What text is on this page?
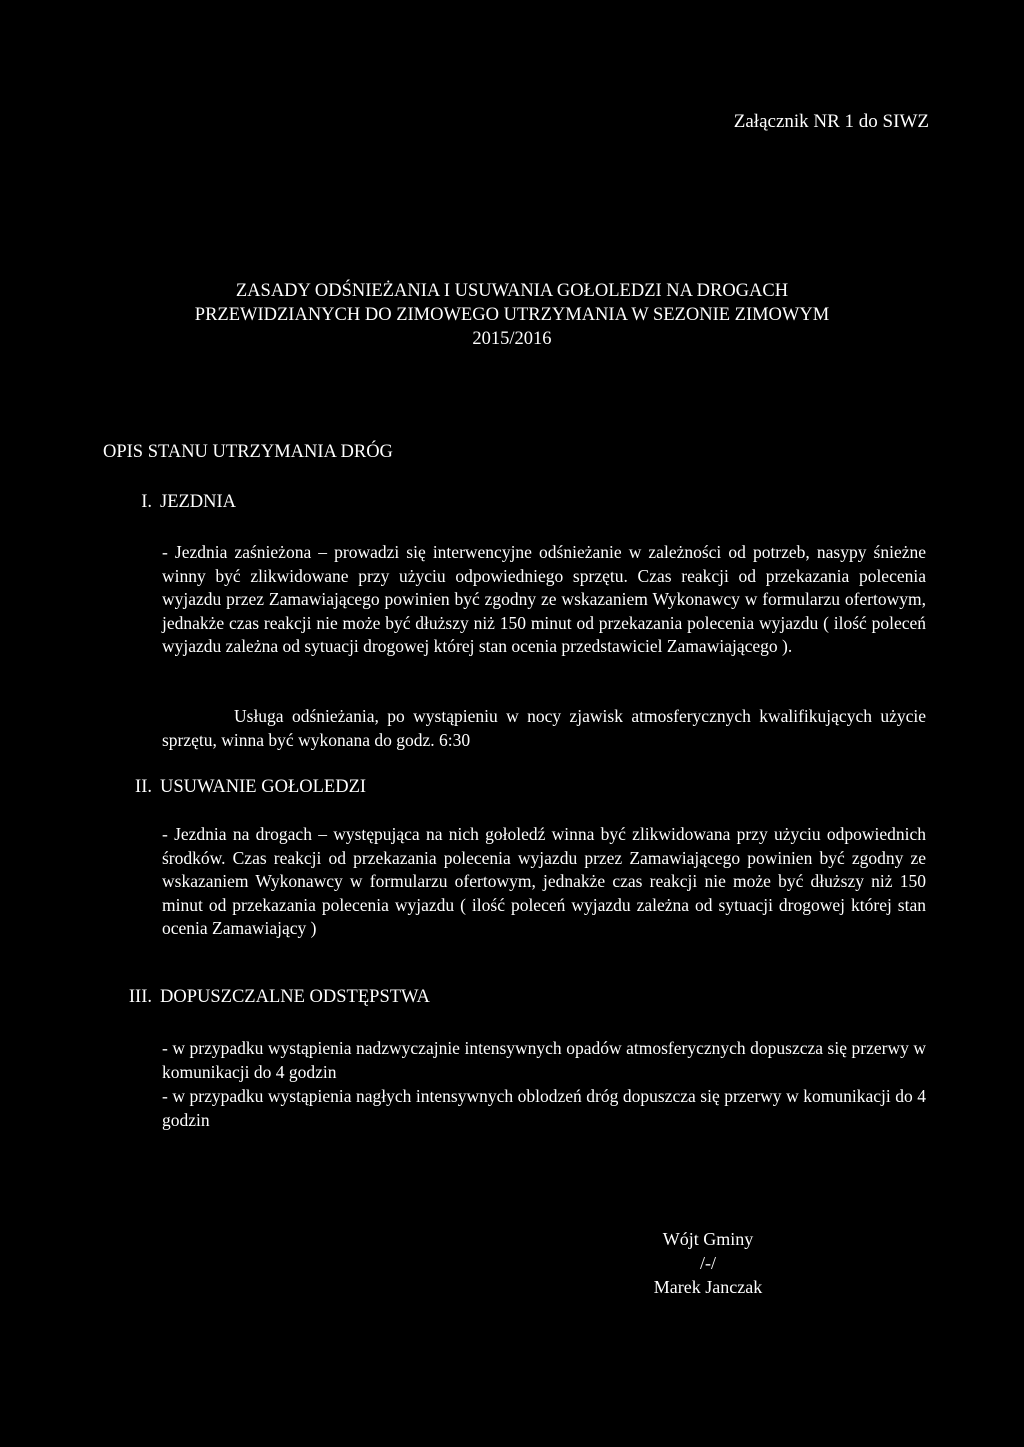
Załącznik NR 1 do SIWZ
ZASADY ODŚNIEŻANIA I USUWANIA GOŁOLEDZI NA DROGACH
PRZEWIDZIANYCH DO ZIMOWEGO UTRZYMANIA W SEZONIE ZIMOWYM
2015/2016
OPIS STANU UTRZYMANIA DRÓG
I. JEZDNIA
- Jezdnia zaśnieżona – prowadzi się interwencyjne odśnieżanie w zależności od potrzeb, nasypy śnieżne winny być zlikwidowane przy użyciu odpowiedniego sprzętu. Czas reakcji od przekazania polecenia wyjazdu przez Zamawiającego powinien być zgodny ze wskazaniem Wykonawcy w formularzu ofertowym, jednakże czas reakcji nie może być dłuższy niż 150 minut od przekazania polecenia wyjazdu ( ilość poleceń wyjazdu zależna od sytuacji drogowej której stan ocenia przedstawiciel Zamawiającego ).
Usługa odśnieżania, po wystąpieniu w nocy zjawisk atmosferycznych kwalifikujących użycie sprzętu, winna być wykonana do godz. 6:30
II. USUWANIE GOŁOLEDZI
- Jezdnia na drogach – występująca na nich gołoledź winna być zlikwidowana przy użyciu odpowiednich środków. Czas reakcji od przekazania polecenia wyjazdu przez Zamawiającego powinien być zgodny ze wskazaniem Wykonawcy w formularzu ofertowym, jednakże czas reakcji nie może być dłuższy niż 150 minut od przekazania polecenia wyjazdu ( ilość poleceń wyjazdu zależna od sytuacji drogowej której stan ocenia Zamawiający )
III. DOPUSZCZALNE ODSTĘPSTWA
- w przypadku wystąpienia nadzwyczajnie intensywnych opadów atmosferycznych dopuszcza się przerwy w komunikacji do 4 godzin
- w przypadku wystąpienia nagłych intensywnych oblodzeń dróg dopuszcza się przerwy w komunikacji do 4 godzin
Wójt Gminy
/-/
Marek Janczak
